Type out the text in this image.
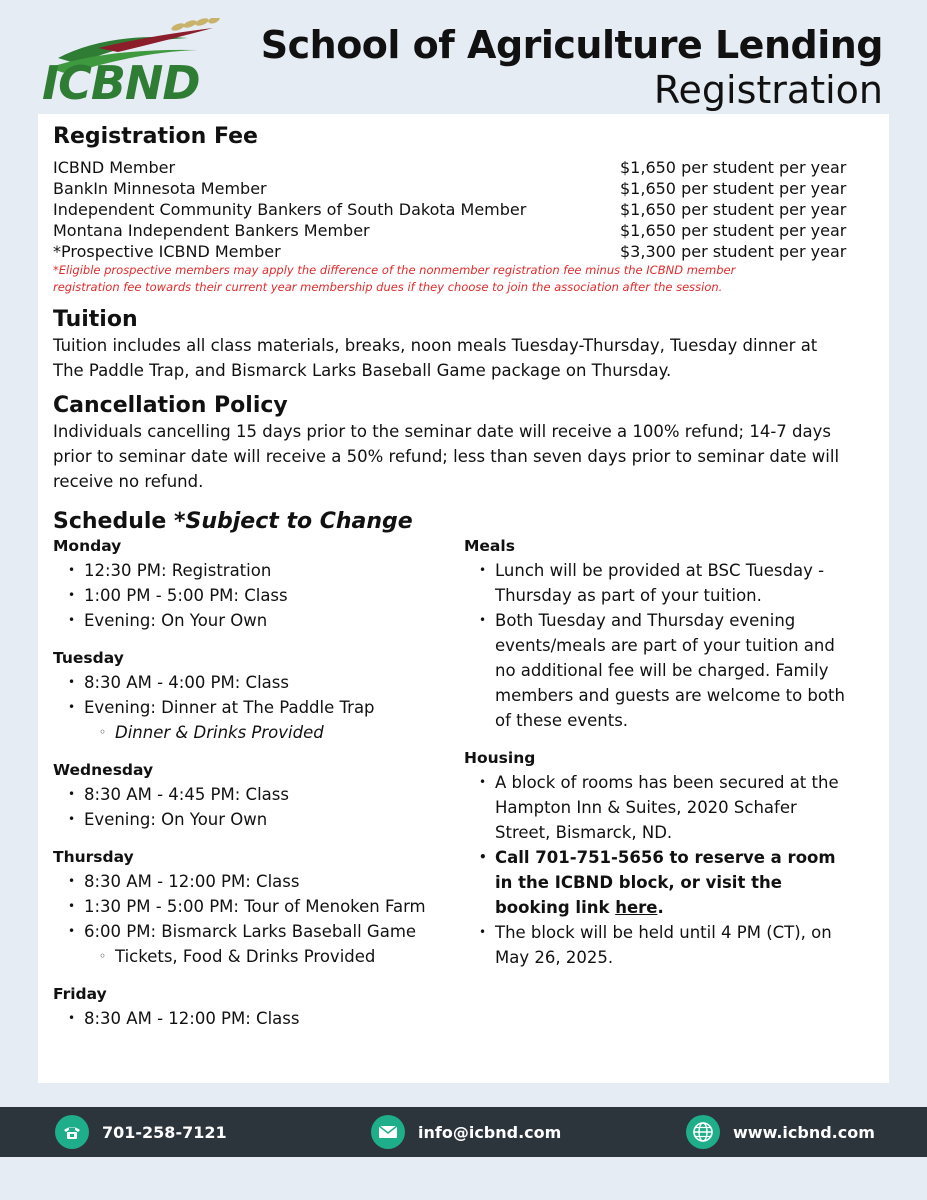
ICBND
School of Agriculture Lending
Registration
Registration Fee
ICBND Member	$1,650 per student per year
BankIn Minnesota Member	$1,650 per student per year
Independent Community Bankers of South Dakota Member	$1,650 per student per year
Montana Independent Bankers Member	$1,650 per student per year
*Prospective ICBND Member	$3,300 per student per year
*Eligible prospective members may apply the difference of the nonmember registration fee minus the ICBND member
registration fee towards their current year membership dues if they choose to join the association after the session.
Tuition
Tuition includes all class materials, breaks, noon meals Tuesday-Thursday, Tuesday dinner at The Paddle Trap, and Bismarck Larks Baseball Game package on Thursday.
Cancellation Policy
Individuals cancelling 15 days prior to the seminar date will receive a 100% refund; 14-7 days prior to seminar date will receive a 50% refund; less than seven days prior to seminar date will receive no refund.
Schedule *Subject to Change
Monday
• 12:30 PM: Registration
• 1:00 PM - 5:00 PM: Class
• Evening: On Your Own
Tuesday
• 8:30 AM - 4:00 PM: Class
• Evening: Dinner at The Paddle Trap
◦ Dinner & Drinks Provided
Wednesday
• 8:30 AM - 4:45 PM: Class
• Evening: On Your Own
Thursday
• 8:30 AM - 12:00 PM: Class
• 1:30 PM - 5:00 PM: Tour of Menoken Farm
• 6:00 PM: Bismarck Larks Baseball Game
◦ Tickets, Food & Drinks Provided
Friday
• 8:30 AM - 12:00 PM: Class
Meals
• Lunch will be provided at BSC Tuesday - Thursday as part of your tuition.
• Both Tuesday and Thursday evening events/meals are part of your tuition and no additional fee will be charged. Family members and guests are welcome to both of these events.
Housing
• A block of rooms has been secured at the Hampton Inn & Suites, 2020 Schafer Street, Bismarck, ND.
• Call 701-751-5656 to reserve a room in the ICBND block, or visit the booking link here.
• The block will be held until 4 PM (CT), on May 26, 2025.
701-258-7121	info@icbnd.com	www.icbnd.com
